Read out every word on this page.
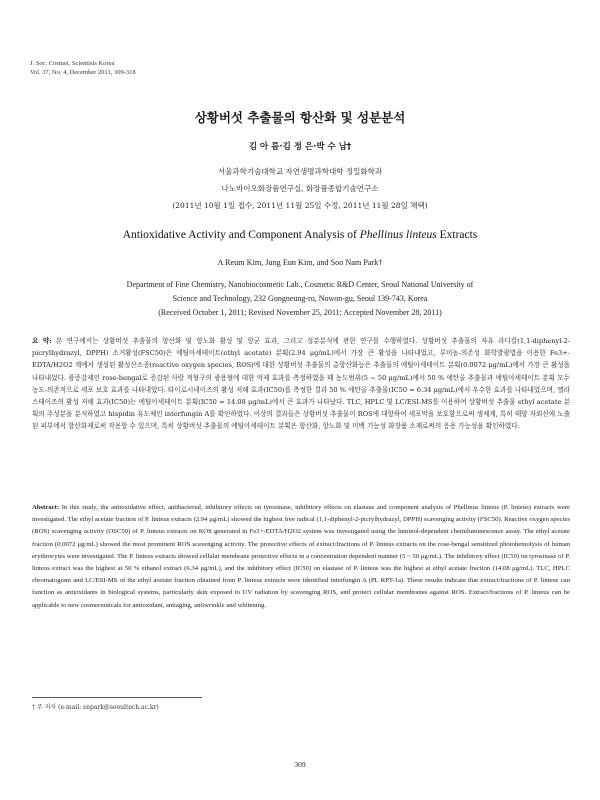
J. Soc. Cosmet. Scientists Korea
Vol. 37, No. 4, December 2011, 309-318
상황버섯 추출물의 항산화 및 성분분석
김 아 름·김 정 은·박 수 남†
서울과학기술대학교 자연생명과학대학 정밀화학과
나노바이오화장품연구실, 화장품종합기술연구소
(2011년 10월 1일 접수, 2011년 11월 25일 수정, 2011년 11월 28일 채택)
Antioxidative Activity and Component Analysis of Phellinus linteus Extracts
A Reum Kim, Jung Eun Kim, and Soo Nam Park†
Department of Fine Chemistry, Nanobiocosmetic Lab., Cosmetic R&D Center, Seoul National University of
Science and Technology, 232 Gongneung-ro, Nowon-gu, Seoul 139-743, Korea
(Received October 1, 2011; Revised November 25, 2011; Accepted November 28, 2011)
요 약: 본 연구에서는 상황버섯 추출물의 항산화 및 항노화 활성 및 항균 효과, 그리고 성분분석에 관한 연구를 수행하였다. 상황버섯 추출물의 자유 라디칼(1,1-diphenyl-2- picrylhydrazyl, DPPH) 소거활성(FSC50)은 에틸아세테이트(ethyl acetate) 분획(2.94 μg/mL)에서 가장 큰 활성을 나타내었고, 루미놀-의존성 화학발광법을 이용한 Fe3+-EDTA/H2O2 계에서 생성된 활성산소종(reactive oxygen species, ROS)에 대한 상황버섯 추출물의 총항산화능은 추출물의 에틸아세테이트 분획(0.0072 μg/mL)에서 가장 큰 활성을 나타내었다. 광증감제인 rose-bengal로 증감된 사람 적혈구의 광용혈에 대한 억제 효과를 측정하였을 때 농도범위(5 ~ 50 μg/mL)에서 50 % 에탄올 추출물과 에틸아세테이트 분획 모두 농도-의존적으로 세포 보호 효과를 나타내었다. 타이로시네이즈의 활성 저해 효과(IC50)를 측정한 결과 50 % 에탄올 추출물(IC50 = 6.34 μg/mL)에서 우수한 효과를 나타내었으며, 엘라스테이즈의 활성 저해 효과(IC50)는 에틸아세테이트 분획(IC50 = 14.08 μg/mL)에서 큰 효과가 나타났다. TLC, HPLC 및 LC/ESI-MS를 이용하여 상황버섯 추출물 ethyl acetate 분획의 주성분을 분석하였고 hispidin 유도체인 interfungin A를 확인하였다. 이상의 결과들은 상황버섯 추출물이 ROS에 대항하여 세포막을 보호함으로써 생체계, 특히 태양 자외선에 노출된 피부에서 항산화제로써 작용할 수 있으며, 특히 상황버섯 추출물의 에틸아세테이트 분획은 항산화, 항노화 및 미백 기능성 화장품 소재로써의 응용 가능성을 확인하였다.
Abstract: In this study, the antioxidative effect, antibacterial, inhibitory effects on tyrosinase, inhibitory effects on elastase and component analysis of Phellinus linteus (P. linteus) extracts were investigated. The ethyl acetate fraction of P. linteus extracts (2.94 μg/mL) showed the highest free radical (1,1-diphenyl-2-picrylhydrazyl, DPPH) scavenging activity (FSC50). Reactive oxygen species (ROS) scavenging activity (OSC50) of P. linteus extracts on ROS generated in Fe3+-EDTA/H2O2 system was investigated using the luminol-dependent chemiluminescence assay. The ethyl acetate fraction (0.0072 μg/mL) showed the most prominent ROS scavenging activity. The protective effects of extract/fractions of P. linteus extracts on the rose-bengal sensitized photohemolysis of human erythrocytes were investigated. The P. linteus extracts showed cellular membrane protective effects in a concentration dependent manner (5 ~ 50 μg/mL). The inhibitory effect (IC50) on tyrosinase of P. linteus extract was the highest at 50 % ethanol extract (6.34 μg/mL), and the inhibitory effect (IC50) on elastase of P. linteus was the highest at ethyl acetate fraction (14.08 μg/mL). TLC, HPLC chromatogram and LC/ESI-MS of the ethyl acetate fraction obtained from P. linteus extracts were identified interfungin A (PL RPT-1a). These results indicate that extract/fractions of P. linteus can function as antioxidants in biological systems, particularly skin exposed to UV radiation by scavenging ROS, and protect cellular membranes against ROS. Extract/fractions of P. linteus can be applicable to new cosmeceuticals for antioxidant, antiaging, antiwrinkle and whitening.
† 주 저자 (e-mail: snpark@seoultech.ac.kr)
309
